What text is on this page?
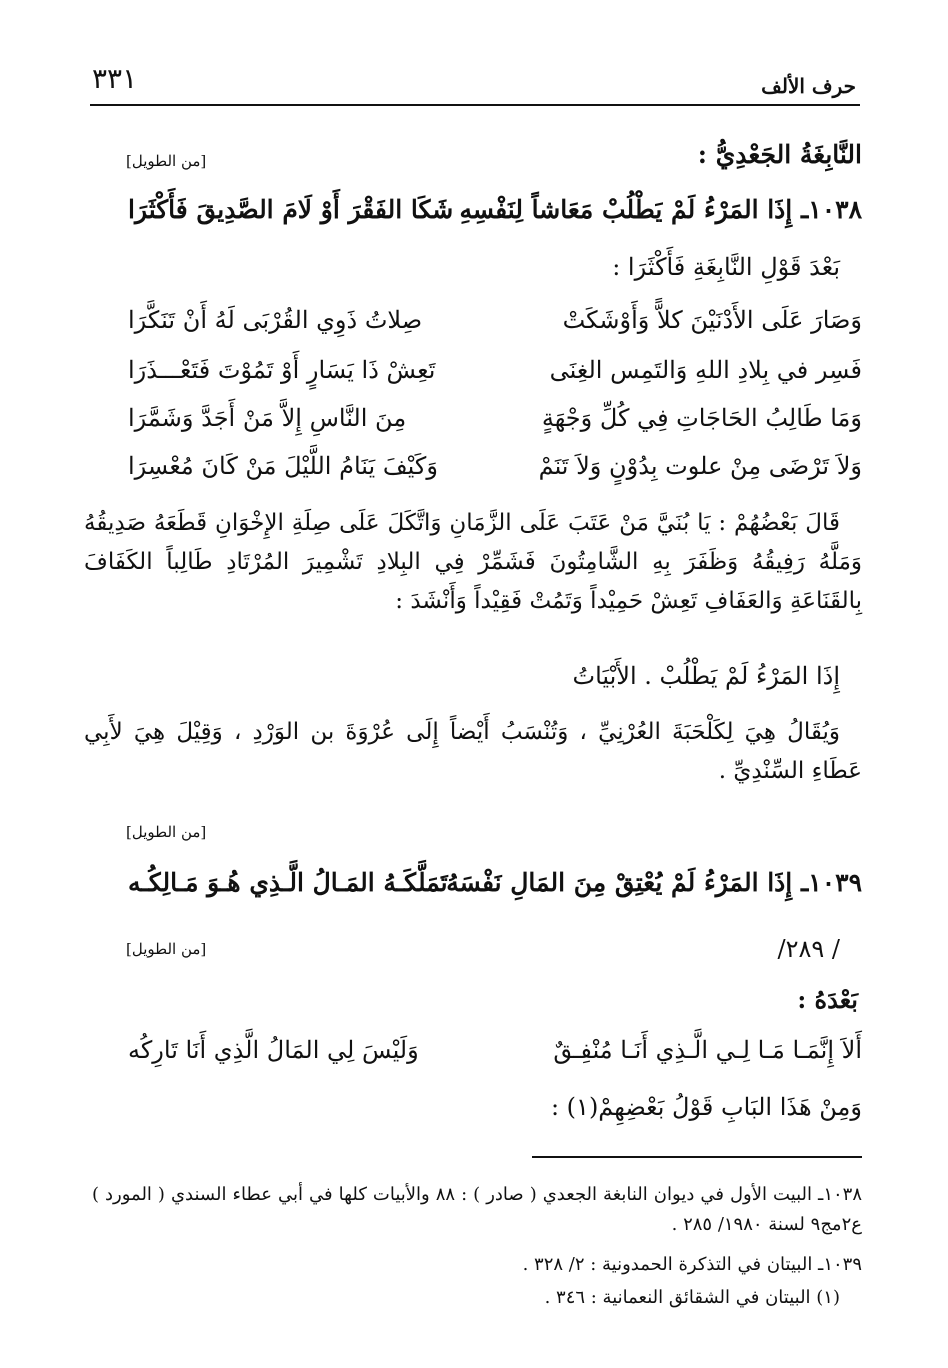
حرف الألف
٣٣١
النَّابِغَةُ الجَعْدِيُّ :
[من الطويل]
١٠٣٨ـ إِذَا المَرْءُ لَمْ يَطْلُبْ مَعَاشاً لِنَفْسِهِ
شَكَا الفَقْرَ أَوْ لَامَ الصَّدِيقَ فَأَكْثَرَا
بَعْدَ قَوْلِ النَّابِغَةِ فَأَكْثَرَا :
وَصَارَ عَلَى الأَدْنَيْنَ كلاًّ وَأَوْشَكَتْ
صِلاتُ ذَوِي القُرْبَى لَهُ أَنْ تَنَكَّرَا
فَسِر في بِلادِ اللهِ وَالتَمِس الغِنَى
تَعِشْ ذَا يَسَارٍ أَوْ تَمُوْتَ فَتَعْـــذَرَا
وَمَا طَالِبُ الحَاجَاتِ فِي كُلِّ وَجْهَةٍ
مِنَ النَّاسِ إِلاَّ مَنْ أَجَدَّ وَشَمَّرَا
وَلاَ تَرْضَى مِنْ علوت بِدُوْنٍ وَلاَ تَنَمْ
وَكَيْفَ يَنَامُ اللَّيْلَ مَنْ كَانَ مُعْسِرَا
قَالَ بَعْضُهُمْ : يَا بُنَيَّ مَنْ عَتَبَ عَلَى الزَّمَانِ وَاتَّكَلَ عَلَى صِلَةِ الإِخْوَانِ قَطَعَهُ صَدِيقُهُ وَمَلَّهُ رَفِيقُهُ وَظَفَرَ بِهِ الشَّامِتُونَ فَشَمِّرْ فِي البِلادِ تَشْمِيرَ المُرْتَادِ طَالِباً الكَفَافَ بِالقَنَاعَةِ وَالعَفَافِ تَعِشْ حَمِيْداً وَتَمُتْ فَقِيْداً وَأَنْشَدَ :
إِذَا المَرْءُ لَمْ يَطْلُبْ . الأَبْيَاتُ
وَيُقَالُ هِيَ لِكَلْحَبَةَ العُرْنِيِّ ، وَتُنْسَبُ أَيْضاً إِلَى عُرْوَةَ بن الوَرْدِ ، وَقِيْلَ هِيَ لأَبِي عَطَاءِ السِّنْدِيِّ .
[من الطويل]
١٠٣٩ـ إِذَا المَرْءُ لَمْ يُعْتِقْ مِنَ المَالِ نَفْسَهُ
تَمَلَّكَـهُ المَـالُ الَّـذِي هُـوَ مَـالِكُـه
/ ٢٨٩/
[من الطويل]
بَعْدَهُ :
أَلاَ إِنَّمَـا مَـا لِـي الَّـذِي أَنَـا مُنْفِـقٌ
وَلَيْسَ لِي المَالُ الَّذِي أَنَا تَارِكُه
وَمِنْ هَذَا البَابِ قَوْلُ بَعْضِهِمْ(١) :
١٠٣٨ـ البيت الأول في ديوان النابغة الجعدي ( صادر ) : ٨٨ والأبيات كلها في أبي عطاء السندي ( المورد ) ع٢مج٩ لسنة ١٩٨٠/ ٢٨٥ .
١٠٣٩ـ البيتان في التذكرة الحمدونية : ٢/ ٣٢٨ .
(١) البيتان في الشقائق النعمانية : ٣٤٦ .
